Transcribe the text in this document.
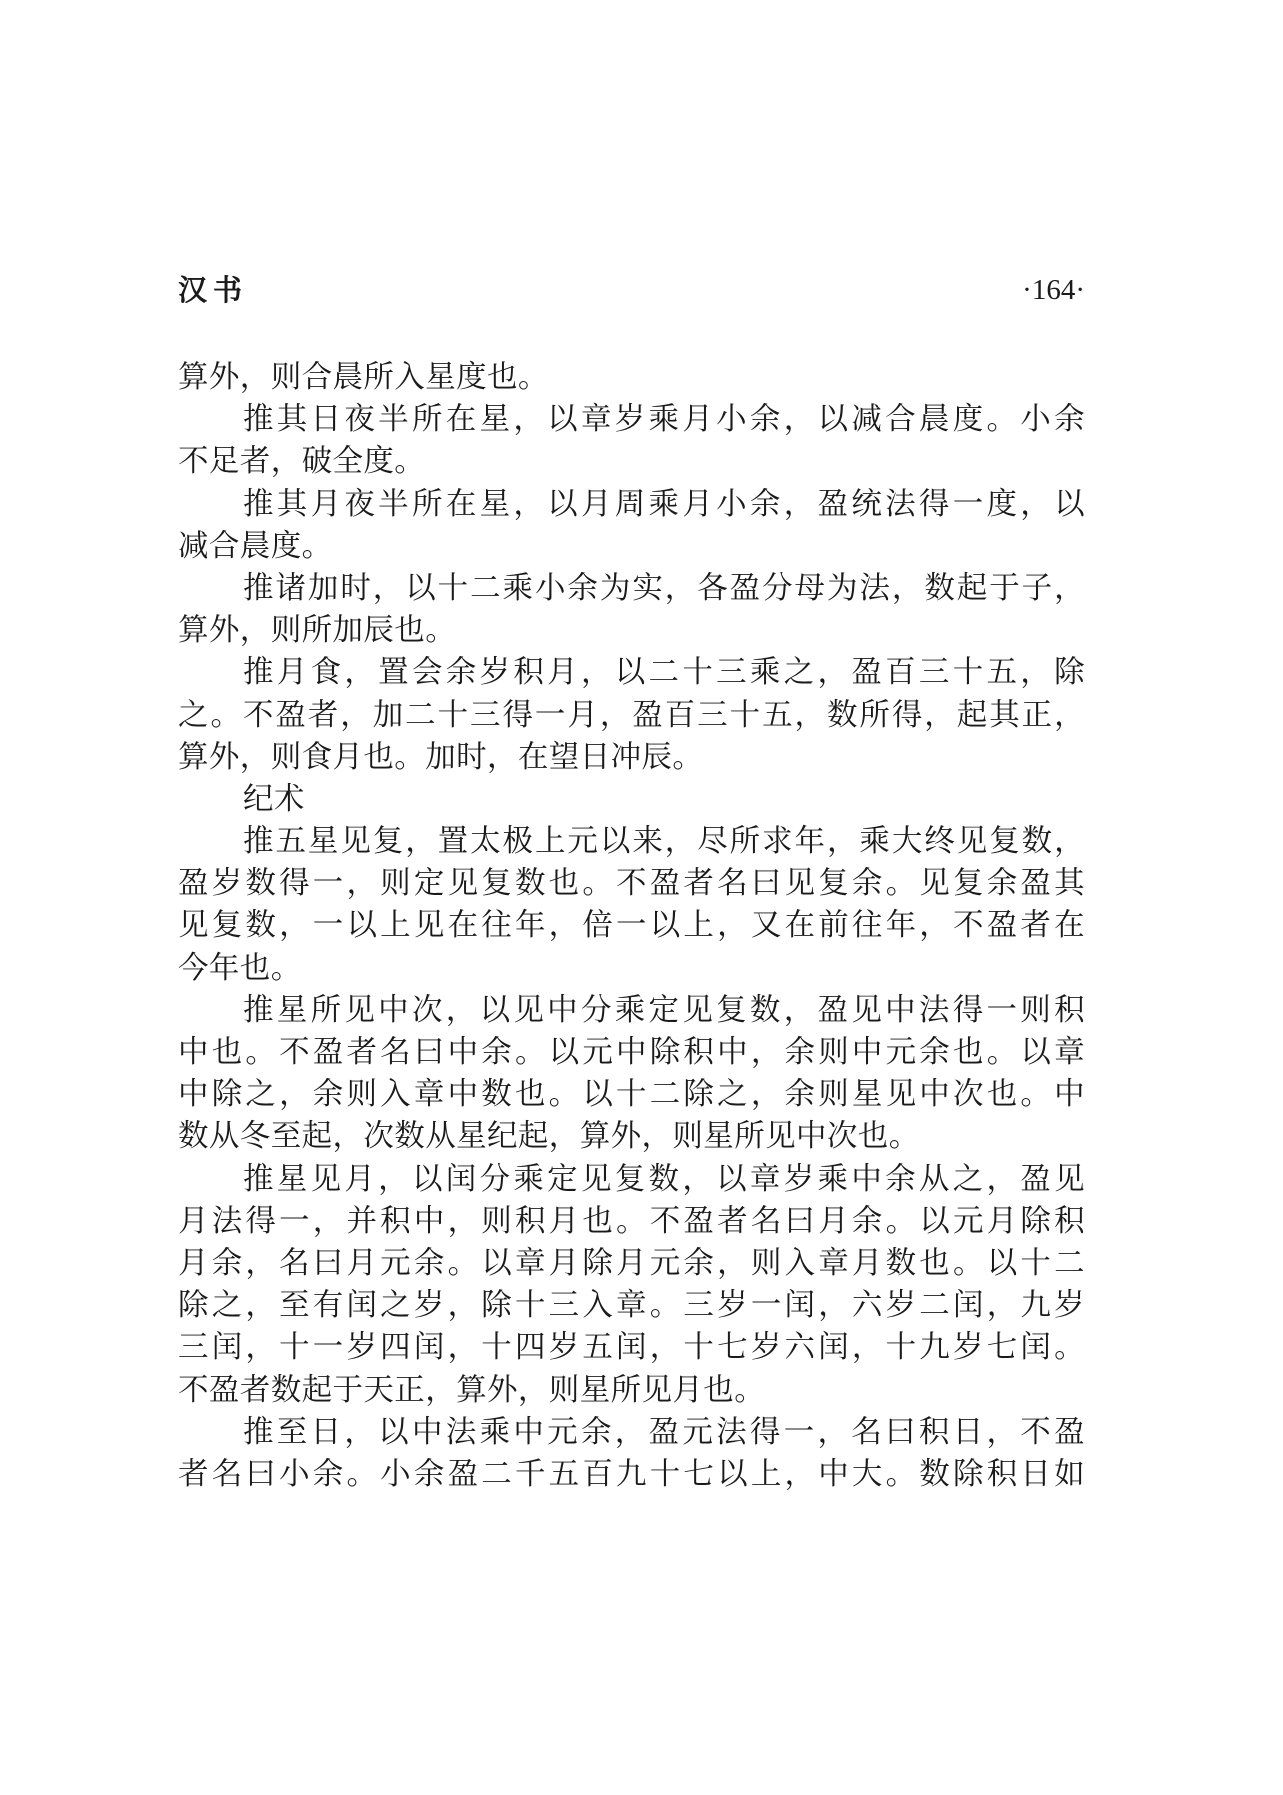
汉书	·164·
算外，则合晨所入星度也。
推其日夜半所在星，以章岁乘月小余，以减合晨度。小余
不足者，破全度。
推其月夜半所在星，以月周乘月小余，盈统法得一度，以
减合晨度。
推诸加时，以十二乘小余为实，各盈分母为法，数起于子，
算外，则所加辰也。
推月食，置会余岁积月，以二十三乘之，盈百三十五，除
之。不盈者，加二十三得一月，盈百三十五，数所得，起其正，
算外，则食月也。加时，在望日冲辰。
纪术
推五星见复，置太极上元以来，尽所求年，乘大终见复数，
盈岁数得一，则定见复数也。不盈者名曰见复余。见复余盈其
见复数，一以上见在往年，倍一以上，又在前往年，不盈者在
今年也。
推星所见中次，以见中分乘定见复数，盈见中法得一则积
中也。不盈者名曰中余。以元中除积中，余则中元余也。以章
中除之，余则入章中数也。以十二除之，余则星见中次也。中
数从冬至起，次数从星纪起，算外，则星所见中次也。
推星见月，以闰分乘定见复数，以章岁乘中余从之，盈见
月法得一，并积中，则积月也。不盈者名曰月余。以元月除积
月余，名曰月元余。以章月除月元余，则入章月数也。以十二
除之，至有闰之岁，除十三入章。三岁一闰，六岁二闰，九岁
三闰，十一岁四闰，十四岁五闰，十七岁六闰，十九岁七闰。
不盈者数起于天正，算外，则星所见月也。
推至日，以中法乘中元余，盈元法得一，名曰积日，不盈
者名曰小余。小余盈二千五百九十七以上，中大。数除积日如
